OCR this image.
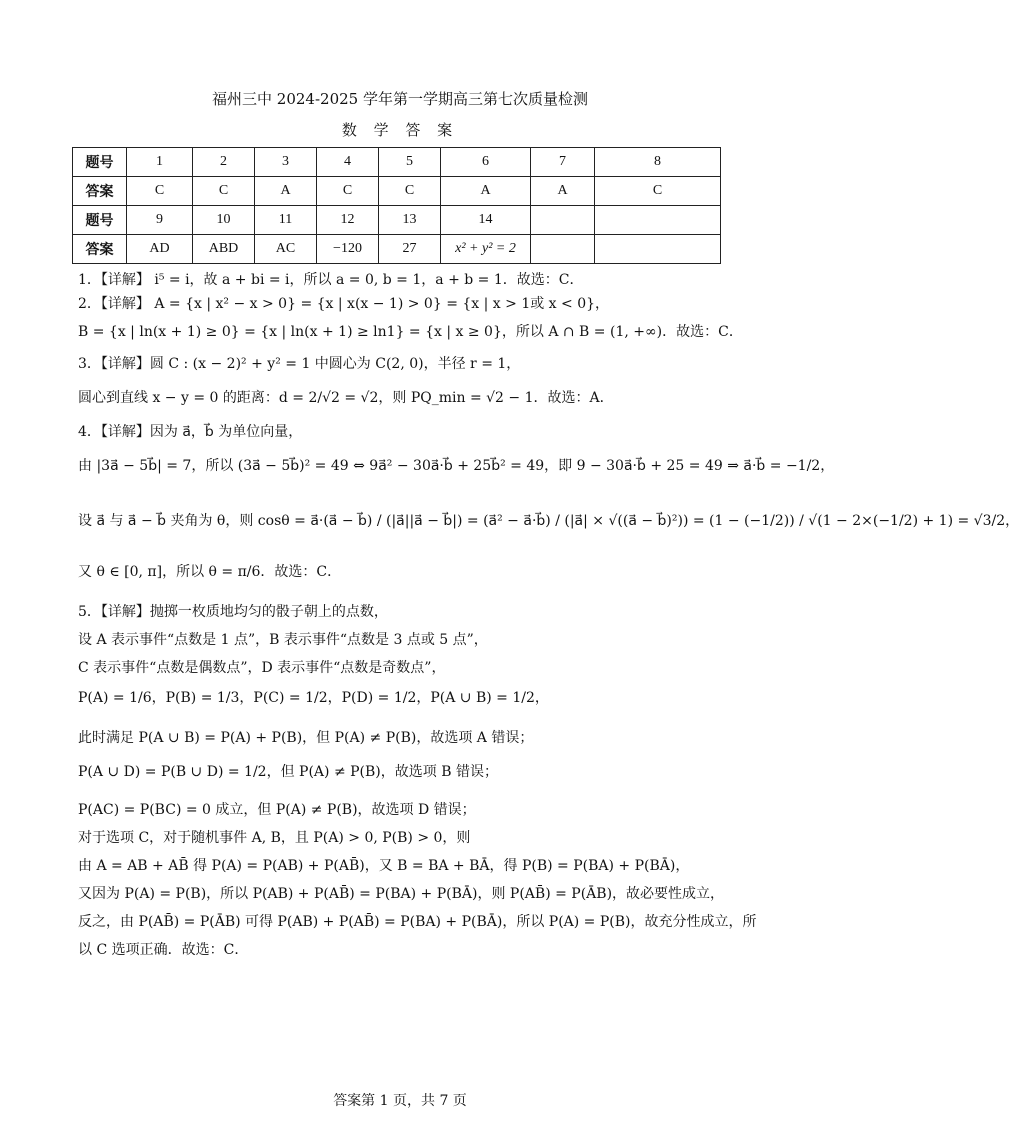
福州三中 2024-2025 学年第一学期高三第七次质量检测
数 学 答 案
题号	1	2	3	4	5	6	7	8
答案	C	C	A	C	C	A	A	C
题号	9	10	11	12	13	14		
答案	AD	ABD	AC	−120	27	x² + y² = 2		
1．【详解】 i⁵ = i，故 a + bi = i，所以 a = 0, b = 1，a + b = 1．故选：C．
2．【详解】 A = {x | x² − x > 0} = {x | x(x − 1) > 0} = {x | x > 1或 x < 0}，
B = {x | ln(x + 1) ≥ 0} = {x | ln(x + 1) ≥ ln1} = {x | x ≥ 0}，所以 A ∩ B = (1, +∞)．故选：C．
3．【详解】圆 C : (x − 2)² + y² = 1 中圆心为 C(2, 0)，半径 r = 1，
圆心到直线 x − y = 0 的距离：d = 2/√2 = √2，则 PQ_min = √2 − 1．故选：A．
4．【详解】因为 a⃗，b⃗ 为单位向量，
由 |3a⃗ − 5b⃗| = 7，所以 (3a⃗ − 5b⃗)² = 49 ⇔ 9a⃗² − 30a⃗·b⃗ + 25b⃗² = 49，即 9 − 30a⃗·b⃗ + 25 = 49 ⇒ a⃗·b⃗ = −1/2，
设 a⃗ 与 a⃗ − b⃗ 夹角为 θ，则 cosθ = a⃗·(a⃗ − b⃗) / (|a⃗||a⃗ − b⃗|) = (a⃗² − a⃗·b⃗) / (|a⃗| × √((a⃗ − b⃗)²)) = (1 − (−1/2)) / √(1 − 2×(−1/2) + 1) = √3/2，
又 θ ∈ [0, π]，所以 θ = π/6．故选：C．
5．【详解】抛掷一枚质地均匀的骰子朝上的点数，
设 A 表示事件“点数是 1 点”，B 表示事件“点数是 3 点或 5 点”，
C 表示事件“点数是偶数点”，D 表示事件“点数是奇数点”，
P(A) = 1/6，P(B) = 1/3，P(C) = 1/2，P(D) = 1/2，P(A ∪ B) = 1/2，
此时满足 P(A ∪ B) = P(A) + P(B)，但 P(A) ≠ P(B)，故选项 A 错误；
P(A ∪ D) = P(B ∪ D) = 1/2，但 P(A) ≠ P(B)，故选项 B 错误；
P(AC) = P(BC) = 0 成立，但 P(A) ≠ P(B)，故选项 D 错误；
对于选项 C，对于随机事件 A, B，且 P(A) > 0, P(B) > 0，则
由 A = AB + AB̄ 得 P(A) = P(AB) + P(AB̄)，又 B = BA + BĀ，得 P(B) = P(BA) + P(BĀ)，
又因为 P(A) = P(B)，所以 P(AB) + P(AB̄) = P(BA) + P(BĀ)，则 P(AB̄) = P(ĀB)，故必要性成立，
反之，由 P(AB̄) = P(ĀB) 可得 P(AB) + P(AB̄) = P(BA) + P(BĀ)，所以 P(A) = P(B)，故充分性成立，所
以 C 选项正确．故选：C．
答案第 1 页，共 7 页
